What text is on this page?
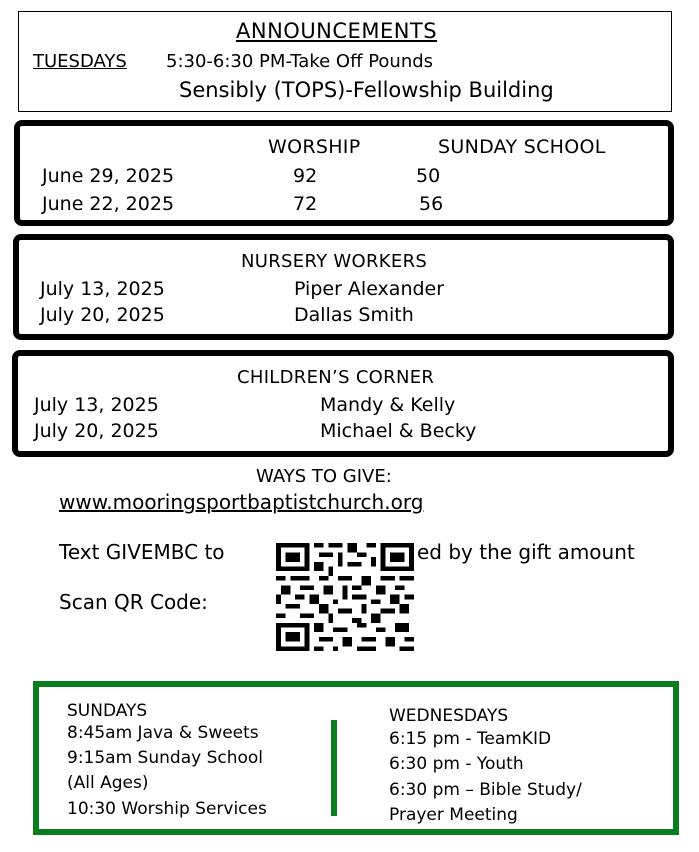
ANNOUNCEMENTS
TUESDAYS 5:30-6:30 PM-Take Off Pounds
Sensibly (TOPS)-Fellowship Building
WORSHIP	SUNDAY SCHOOL
June 29, 2025	92	50
June 22, 2025	72	56
NURSERY WORKERS
July 13, 2025	Piper Alexander
July 20, 2025	Dallas Smith
CHILDREN’S CORNER
July 13, 2025	Mandy & Kelly
July 20, 2025	Michael & Becky
WAYS TO GIVE:
www.mooringsportbaptistchurch.org
Text GIVEMBC to	ed by the gift amount
Scan QR Code:
SUNDAYS
8:45am Java & Sweets
9:15am Sunday School
(All Ages)
10:30 Worship Services
WEDNESDAYS
6:15 pm - TeamKID
6:30 pm - Youth
6:30 pm – Bible Study/
Prayer Meeting
